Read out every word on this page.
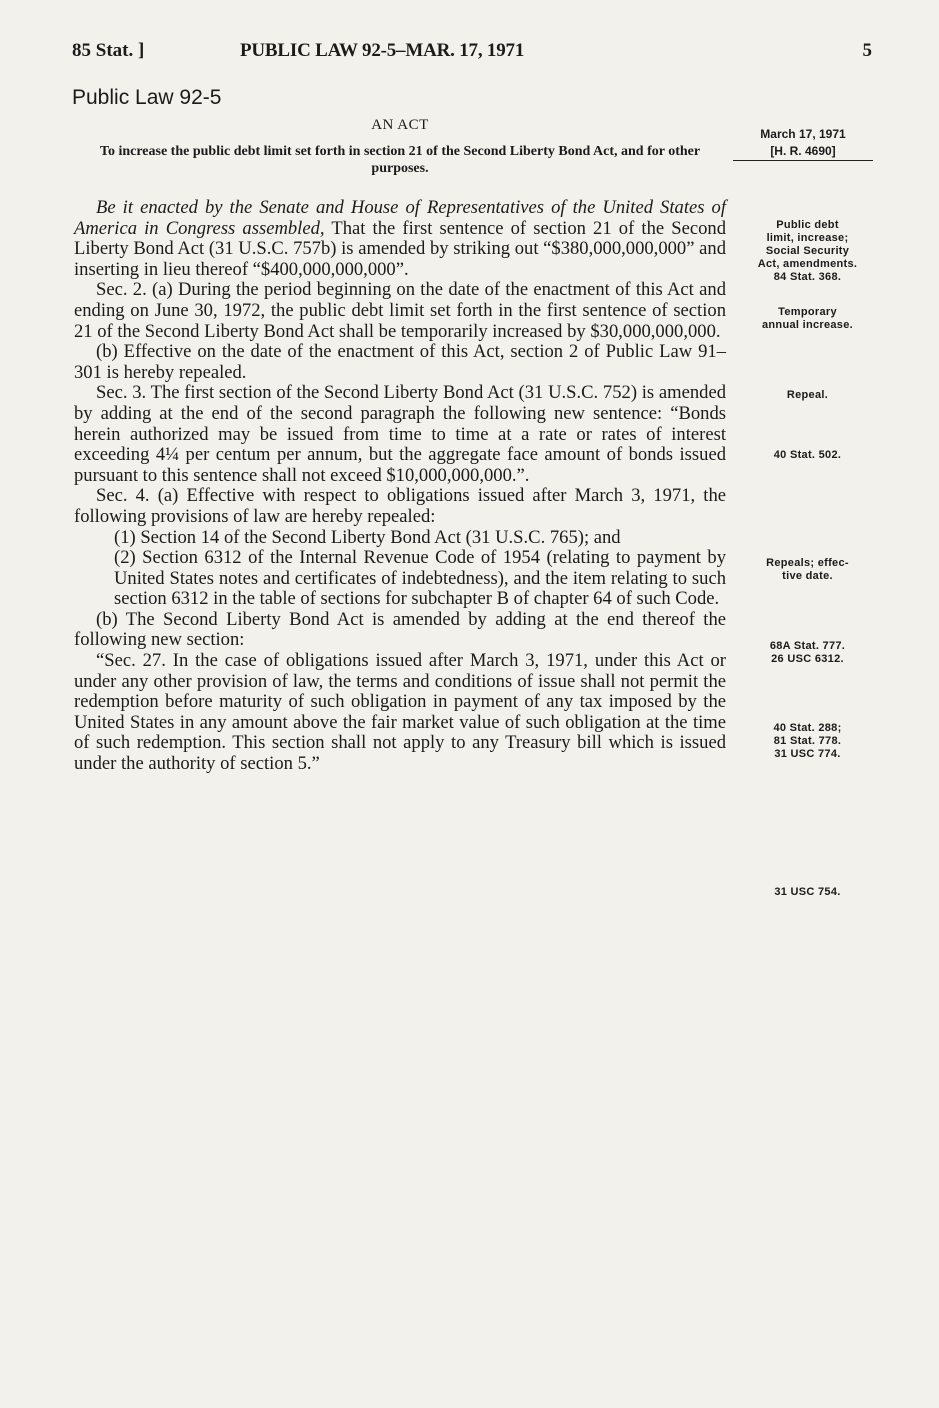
85 Stat. ]	PUBLIC LAW 92-5–MAR. 17, 1971	5
Public Law 92-5
AN ACT
To increase the public debt limit set forth in section 21 of the Second Liberty Bond Act, and for other purposes.
March 17, 1971
[H. R. 4690]

Be it enacted by the Senate and House of Representatives of the United States of America in Congress assembled, That the first sentence of section 21 of the Second Liberty Bond Act (31 U.S.C. 757b) is amended by striking out “$380,000,000,000” and inserting in lieu thereof “$400,000,000,000”.

Sec. 2. (a) During the period beginning on the date of the enactment of this Act and ending on June 30, 1972, the public debt limit set forth in the first sentence of section 21 of the Second Liberty Bond Act shall be temporarily increased by $30,000,000,000.

(b) Effective on the date of the enactment of this Act, section 2 of Public Law 91–301 is hereby repealed.

Sec. 3. The first section of the Second Liberty Bond Act (31 U.S.C. 752) is amended by adding at the end of the second paragraph the following new sentence: “Bonds herein authorized may be issued from time to time at a rate or rates of interest exceeding 4¼ per centum per annum, but the aggregate face amount of bonds issued pursuant to this sentence shall not exceed $10,000,000,000.”.

Sec. 4. (a) Effective with respect to obligations issued after March 3, 1971, the following provisions of law are hereby repealed:

(1) Section 14 of the Second Liberty Bond Act (31 U.S.C. 765); and

(2) Section 6312 of the Internal Revenue Code of 1954 (relating to payment by United States notes and certificates of indebtedness), and the item relating to such section 6312 in the table of sections for subchapter B of chapter 64 of such Code.

(b) The Second Liberty Bond Act is amended by adding at the end thereof the following new section:

“Sec. 27. In the case of obligations issued after March 3, 1971, under this Act or under any other provision of law, the terms and conditions of issue shall not permit the redemption before maturity of such obligation in payment of any tax imposed by the United States in any amount above the fair market value of such obligation at the time of such redemption. This section shall not apply to any Treasury bill which is issued under the authority of section 5.”

Public debt
limit, increase;
Social Security
Act, amendments.
84 Stat. 368.
Temporary
annual increase.
Repeal.
40 Stat. 502.
Repeals; effec-
tive date.
68A Stat. 777.
26 USC 6312.
40 Stat. 288;
81 Stat. 778.
31 USC 774.
31 USC 754.
